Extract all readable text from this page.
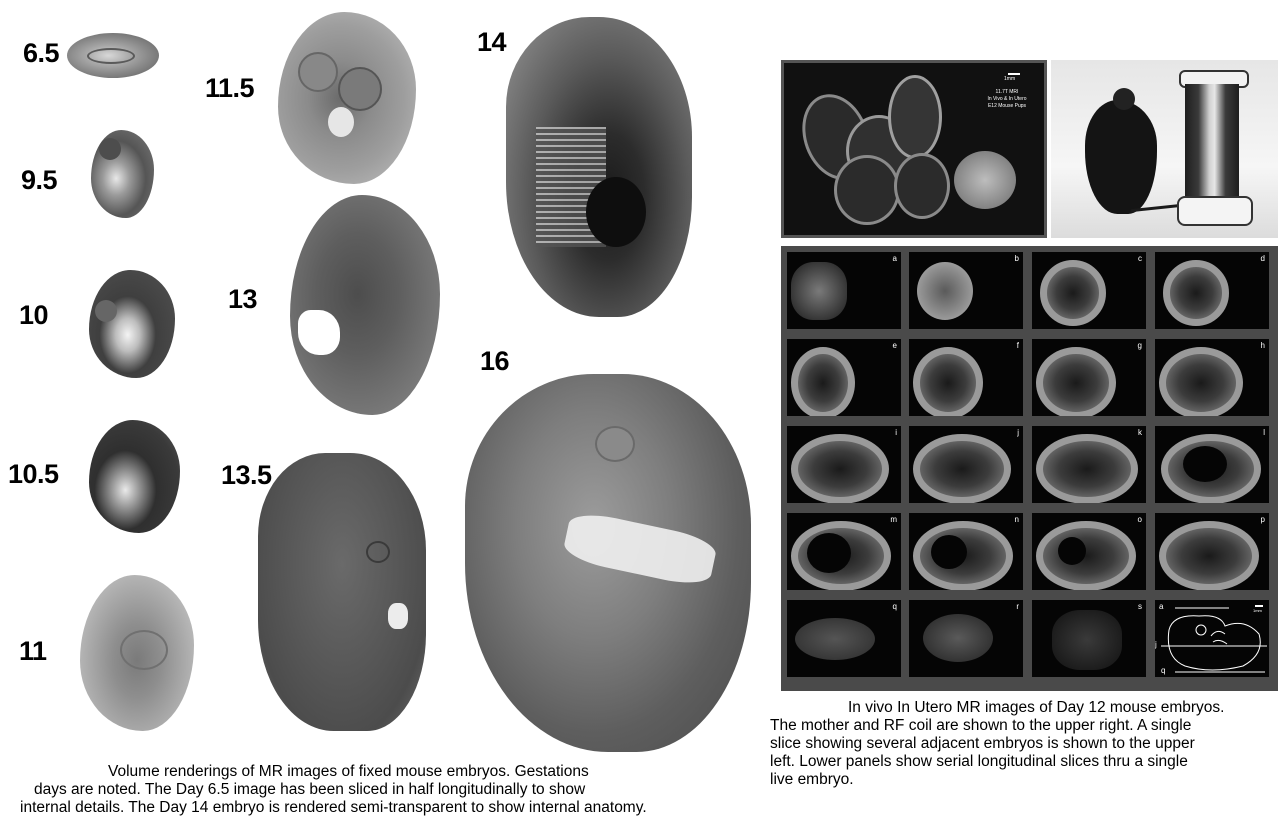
6.5
9.5
10
10.5
11
11.5
13
13.5
14
16
Volume renderings of MR images of fixed mouse embryos. Gestations
days are noted. The Day 6.5 image has been sliced in half longitudinally to show
internal details. The Day 14 embryo is rendered semi-transparent to show internal anatomy.
1mm
11.7T MRI
In Vivo & In Utero
E12 Mouse Pups
a	b	c	d
e	f	g	h
i	j	k	l
m	n	o	p
q	r	s a
j
q
1mm
In vivo In Utero MR images of Day 12 mouse embryos.
The mother and RF coil are shown to the upper right. A single
slice showing several adjacent embryos is shown to the upper
left. Lower panels show serial longitudinal slices thru a single
live embryo.
